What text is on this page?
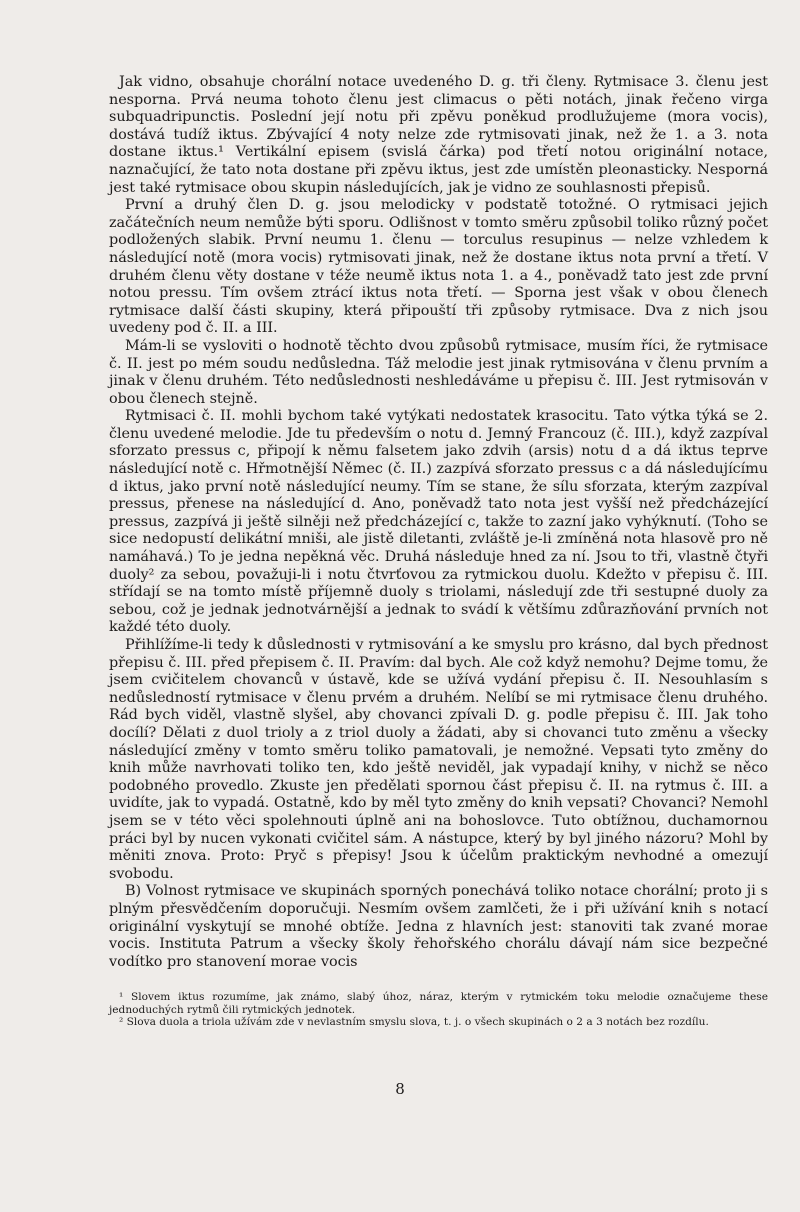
Jak vidno, obsahuje chorální notace uvedeného D. g. tři členy. Rytmisace 3. členu jest nesporna. Prvá neuma tohoto členu jest climacus o pěti notách, jinak řečeno virga subquadripunctis. Poslední její notu při zpěvu poněkud prodlužujeme (mora vocis), dostává tudíž iktus. Zbývající 4 noty nelze zde rytmisovati jinak, než že 1. a 3. nota dostane iktus.¹ Vertikální episem (svislá čárka) pod třetí notou originální notace, naznačující, že tato nota dostane při zpěvu iktus, jest zde umístěn pleonasticky. Nesporná jest také rytmisace obou skupin následujících, jak je vidno ze souhlasnosti přepisů.

První a druhý člen D. g. jsou melodicky v podstatě totožné. O rytmisaci jejich začátečních neum nemůže býti sporu. Odlišnost v tomto směru způsobil toliko různý počet podložených slabik. První neumu 1. členu — torculus resupinus — nelze vzhledem k následující notě (mora vocis) rytmisovati jinak, než že dostane iktus nota první a třetí. V druhém členu věty dostane v téže neumě iktus nota 1. a 4., poněvadž tato jest zde první notou pressu. Tím ovšem ztrácí iktus nota třetí. — Sporna jest však v obou členech rytmisace další části skupiny, která připouští tři způsoby rytmisace. Dva z nich jsou uvedeny pod č. II. a III.

Mám-li se vysloviti o hodnotě těchto dvou způsobů rytmisace, musím říci, že rytmisace č. II. jest po mém soudu nedůsledna. Táž melodie jest jinak rytmisována v členu prvním a jinak v členu druhém. Této nedůslednosti neshledáváme u přepisu č. III. Jest rytmisován v obou členech stejně.

Rytmisaci č. II. mohli bychom také vytýkati nedostatek krasocitu. Tato výtka týká se 2. členu uvedené melodie. Jde tu především o notu d. Jemný Francouz (č. III.), když zazpíval sforzato pressus c, připojí k němu falsetem jako zdvih (arsis) notu d a dá iktus teprve následující notě c. Hřmotnější Němec (č. II.) zazpívá sforzato pressus c a dá následujícímu d iktus, jako první notě následující neumy. Tím se stane, že sílu sforzata, kterým zazpíval pressus, přenese na následující d. Ano, poněvadž tato nota jest vyšší než předcházející pressus, zazpívá ji ještě silněji než předcházející c, takže to zazní jako vyhýknutí. (Toho se sice nedopustí delikátní mniši, ale jistě diletanti, zvláště je-li zmíněná nota hlasově pro ně namáhavá.) To je jedna nepěkná věc. Druhá následuje hned za ní. Jsou to tři, vlastně čtyři duoly² za sebou, považuji-li i notu čtvrťovou za rytmickou duolu. Kdežto v přepisu č. III. střídají se na tomto místě příjemně duoly s triolami, následují zde tři sestupné duoly za sebou, což je jednak jednotvárnější a jednak to svádí k většímu zdůrazňování prvních not každé této duoly.

Přihlížíme-li tedy k důslednosti v rytmisování a ke smyslu pro krásno, dal bych přednost přepisu č. III. před přepisem č. II. Pravím: dal bych. Ale což když nemohu? Dejme tomu, že jsem cvičitelem chovanců v ústavě, kde se užívá vydání přepisu č. II. Nesouhlasím s nedůsledností rytmisace v členu prvém a druhém. Nelíbí se mi rytmisace členu druhého. Rád bych viděl, vlastně slyšel, aby chovanci zpívali D. g. podle přepisu č. III. Jak toho docílí? Dělati z duol trioly a z triol duoly a žádati, aby si chovanci tuto změnu a všecky následující změny v tomto směru toliko pamatovali, je nemožné. Vepsati tyto změny do knih může navrhovati toliko ten, kdo ještě neviděl, jak vypadají knihy, v nichž se něco podobného provedlo. Zkuste jen předělati spornou část přepisu č. II. na rytmus č. III. a uvidíte, jak to vypadá. Ostatně, kdo by měl tyto změny do knih vepsati? Chovanci? Nemohl jsem se v této věci spolehnouti úplně ani na bohoslovce. Tuto obtížnou, duchamornou práci byl by nucen vykonati cvičitel sám. A nástupce, který by byl jiného názoru? Mohl by měniti znova. Proto: Pryč s přepisy! Jsou k účelům praktickým nevhodné a omezují svobodu.

B) Volnost rytmisace ve skupinách sporných ponechává toliko notace chorální; proto ji s plným přesvědčením doporučuji. Nesmím ovšem zamlčeti, že i při užívání knih s notací originální vyskytují se mnohé obtíže. Jedna z hlavních jest: stanoviti tak zvané morae vocis. Instituta Patrum a všecky školy řehořského chorálu dávají nám sice bezpečné vodítko pro stanovení morae vocis

¹ Slovem iktus rozumíme, jak známo, slabý úhoz, náraz, kterým v rytmickém toku melodie označujeme these jednoduchých rytmů čili rytmických jednotek.

² Slova duola a triola užívám zde v nevlastním smyslu slova, t. j. o všech skupinách o 2 a 3 notách bez rozdílu.

8
